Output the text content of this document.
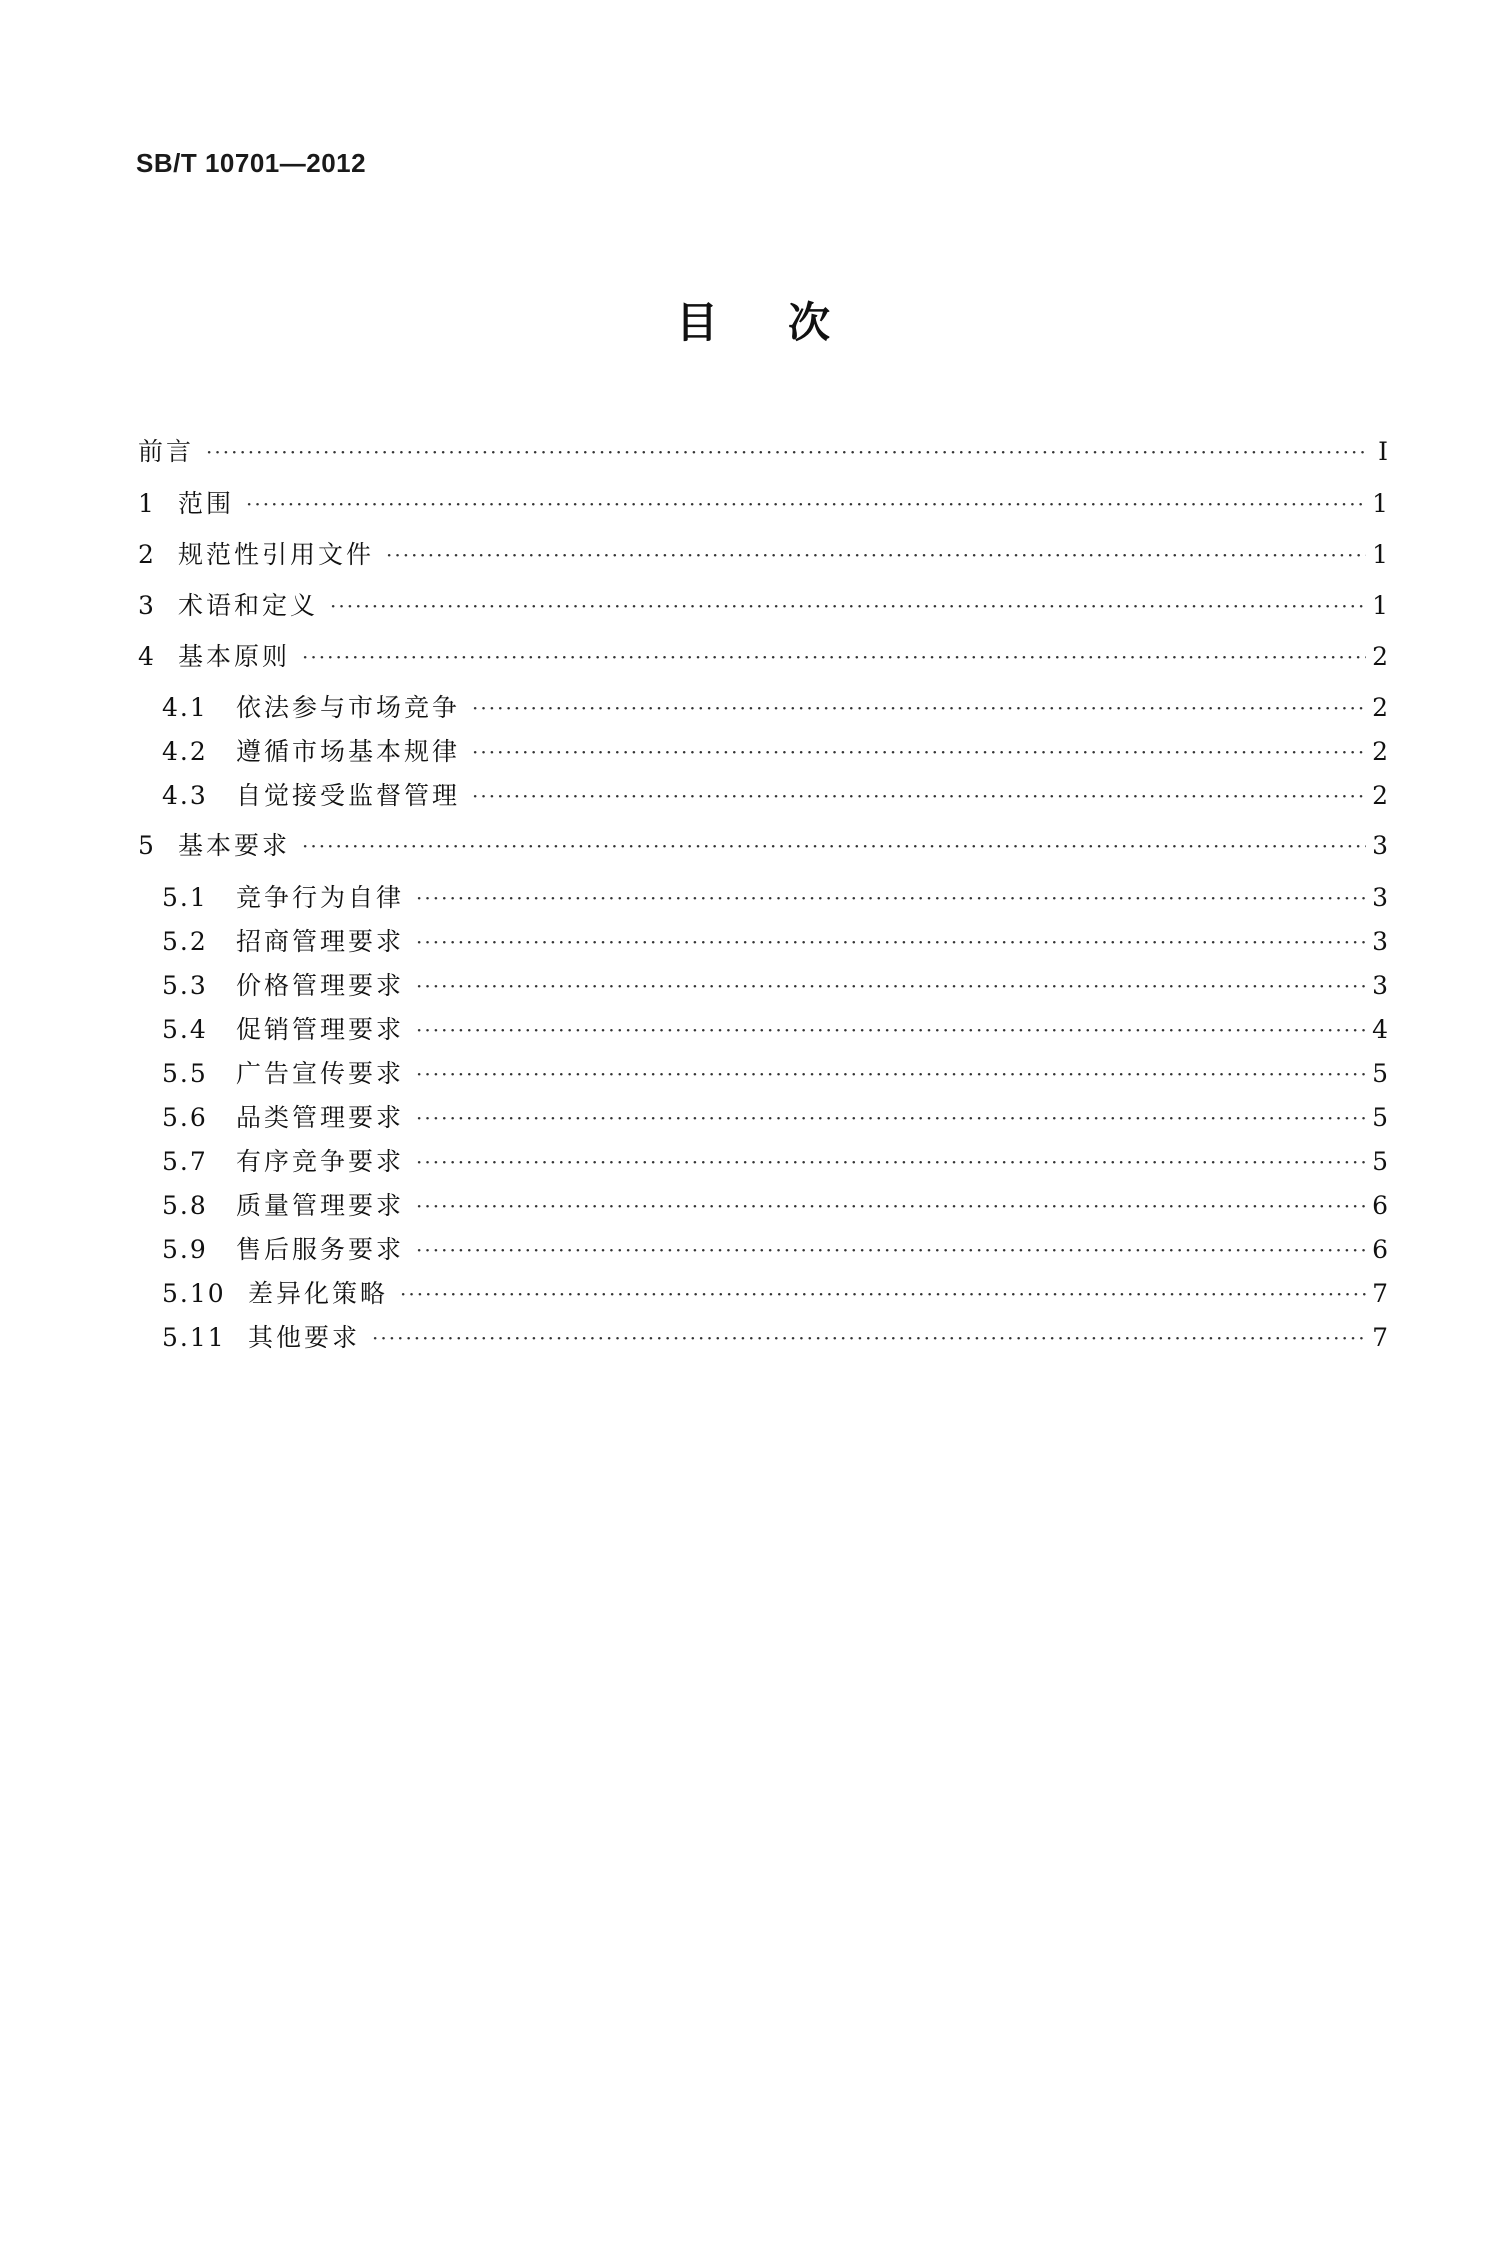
SB/T 10701—2012
目次
前言 ·····	Ⅰ
1 范围 ·····	1
2 规范性引用文件 ·····	1
3 术语和定义 ·····	1
4 基本原则 ·····	2
4.1	依法参与市场竞争 ·····	2
4.2	遵循市场基本规律 ·····	2
4.3	自觉接受监督管理 ·····	2
5 基本要求 ·····	3
5.1	竞争行为自律 ·····	3
5.2	招商管理要求 ·····	3
5.3	价格管理要求 ·····	3
5.4	促销管理要求 ·····	4
5.5	广告宣传要求 ·····	5
5.6	品类管理要求 ·····	5
5.7	有序竞争要求 ·····	5
5.8	质量管理要求 ·····	6
5.9	售后服务要求 ·····	6
5.10 差异化策略 ·····	7
5.11 其他要求 ·····	7
